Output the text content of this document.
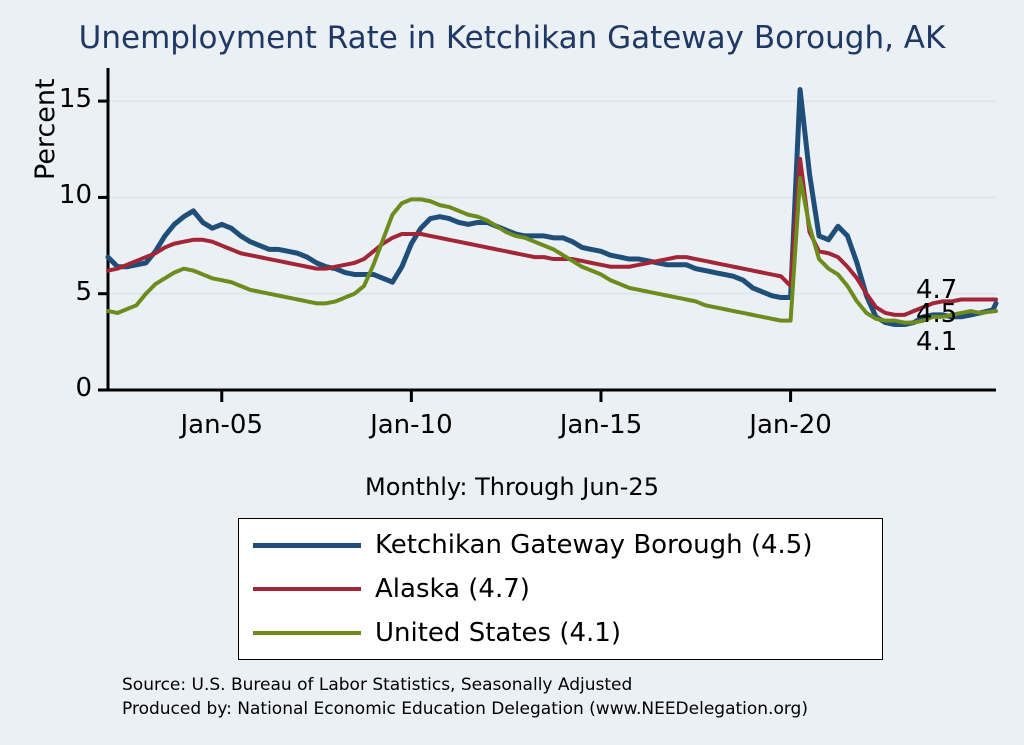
Unemployment Rate in Ketchikan Gateway Borough, AK
Percent
0
5
10
15
Jan-05	Jan-10	Jan-15	Jan-20
4.7
4.5
4.1
Monthly: Through Jun-25
Ketchikan Gateway Borough (4.5)
Alaska (4.7)
United States (4.1)
Source: U.S. Bureau of Labor Statistics, Seasonally Adjusted
Produced by: National Economic Education Delegation (www.NEEDelegation.org)
